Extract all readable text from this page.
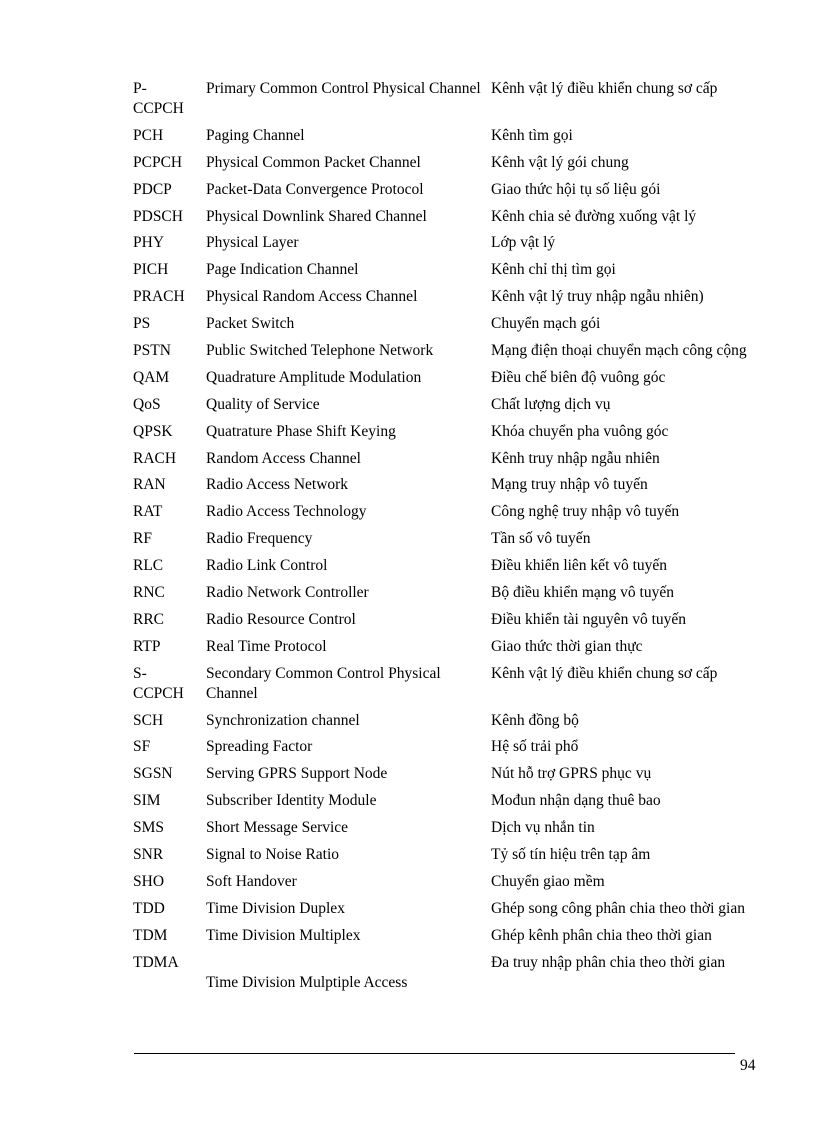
P-
CCPCH	Primary Common Control Physical Channel	Kênh vật lý điều khiển chung sơ cấp
PCH	Paging Channel	Kênh tìm gọi
PCPCH	Physical Common Packet Channel	Kênh vật lý gói chung
PDCP	Packet-Data Convergence Protocol	Giao thức hội tụ số liệu gói
PDSCH	Physical Downlink Shared Channel	Kênh chia sẻ đường xuống vật lý
PHY	Physical Layer	Lớp vật lý
PICH	Page Indication Channel	Kênh chỉ thị tìm gọi
PRACH	Physical Random Access Channel	Kênh vật lý truy nhập ngẫu nhiên)
PS	Packet Switch	Chuyển mạch gói
PSTN	Public Switched Telephone Network	Mạng điện thoại chuyển mạch công cộng
QAM	Quadrature Amplitude Modulation	Điều chế biên độ vuông góc
QoS	Quality of Service	Chất lượng dịch vụ
QPSK	Quatrature Phase Shift Keying	Khóa chuyển pha vuông góc
RACH	Random Access Channel	Kênh truy nhập ngẫu nhiên
RAN	Radio Access Network	Mạng truy nhập vô tuyến
RAT	Radio Access Technology	Công nghệ truy nhập vô tuyến
RF	Radio Frequency	Tần số vô tuyến
RLC	Radio Link Control	Điều khiển liên kết vô tuyến
RNC	Radio Network Controller	Bộ điều khiển mạng vô tuyến
RRC	Radio Resource Control	Điều khiển tài nguyên vô tuyến
RTP	Real Time Protocol	Giao thức thời gian thực
S-
CCPCH	Secondary Common Control Physical Channel	Kênh vật lý điều khiển chung sơ cấp
SCH	Synchronization channel	Kênh đồng bộ
SF	Spreading Factor	Hệ số trải phổ
SGSN	Serving GPRS Support Node	Nút hỗ trợ GPRS phục vụ
SIM	Subscriber Identity Module	Mođun nhận dạng thuê bao
SMS	Short Message Service	Dịch vụ nhắn tin
SNR	Signal to Noise Ratio	Tỷ số tín hiệu trên tạp âm
SHO	Soft Handover	Chuyển giao mềm
TDD	Time Division Duplex	Ghép song công phân chia theo thời gian
TDM	Time Division Multiplex	Ghép kênh phân chia theo thời gian
TDMA	Time Division Mulptiple Access	Đa truy nhập phân chia theo thời gian
94
